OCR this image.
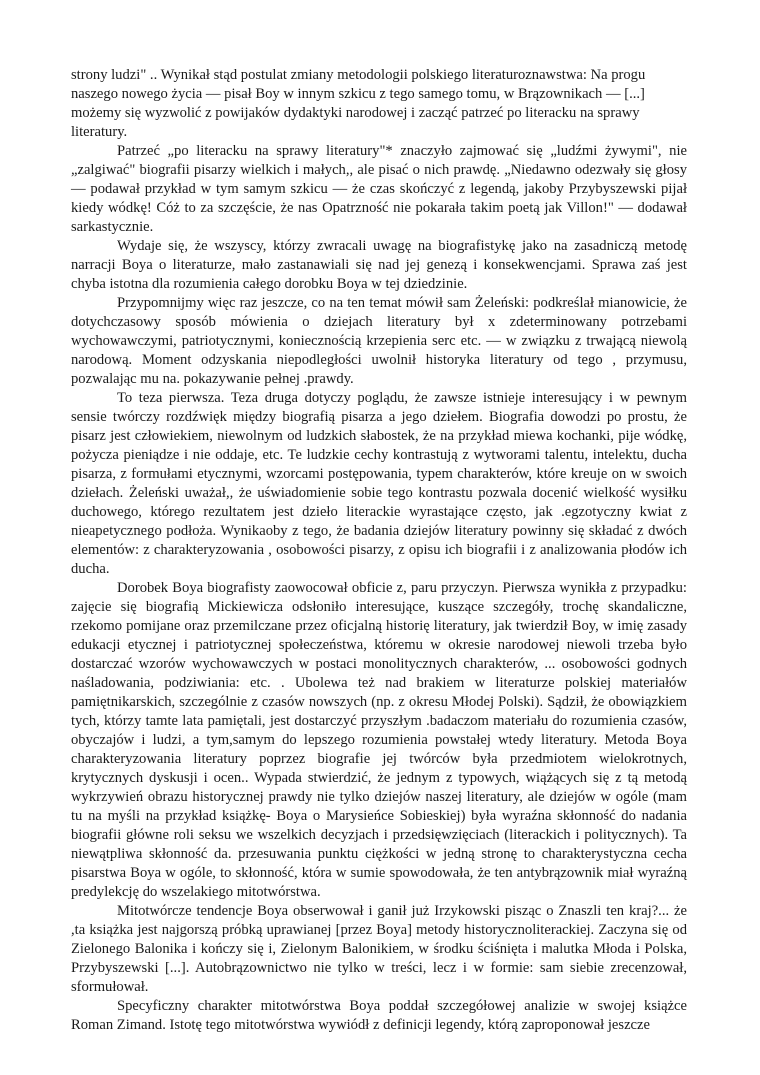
strony ludzi" .. Wynikał stąd postulat zmiany metodologii polskiego literaturoznawstwa: Na progu naszego nowego życia — pisał Boy w innym szkicu z tego samego tomu, w Brązownikach — [...] możemy się wyzwolić z powijaków dydaktyki narodowej i zacząć patrzeć po literacku na sprawy literatury.

Patrzeć „po literacku na sprawy literatury"* znaczyło zajmować się „ludźmi żywymi", nie „zalgiwać" biografii pisarzy wielkich i małych,, ale pisać o nich prawdę. „Niedawno odezwały się głosy — podawał przykład w tym samym szkicu — że czas skończyć z legendą, jakoby Przybyszewski pijał kiedy wódkę! Cóż to za szczęście, że nas Opatrzność nie pokarała takim poetą jak Villon!" — dodawał sarkastycznie.

Wydaje się, że wszyscy, którzy zwracali uwagę na biografistykę jako na zasadniczą metodę narracji Boya o literaturze, mało zastanawiali się nad jej genezą i konsekwencjami. Sprawa zaś jest chyba istotna dla rozumienia całego dorobku Boya w tej dziedzinie.

Przypomnijmy więc raz jeszcze, co na ten temat mówił sam Żeleński: podkreślał mianowicie, że dotychczasowy sposób mówienia o dziejach literatury był x zdeterminowany potrzebami wychowawczymi, patriotycznymi, koniecznością krzepienia serc etc. — w związku z trwającą niewolą narodową. Moment odzyskania niepodległości uwolnił historyka literatury od tego , przymusu, pozwalając mu na. pokazywanie pełnej .prawdy.

To teza pierwsza. Teza druga dotyczy poglądu, że zawsze istnieje interesujący i w pewnym sensie twórczy rozdźwięk między biografią pisarza a jego dziełem. Biografia dowodzi po prostu, że pisarz jest człowiekiem, niewolnym od ludzkich słabostek, że na przykład miewa kochanki, pije wódkę, pożycza pieniądze i nie oddaje, etc. Te ludzkie cechy kontrastują z wytworami talentu, intelektu, ducha pisarza, z formułami etycznymi, wzorcami postępowania, typem charakterów, które kreuje on w swoich dziełach. Żeleński uważał,, że uświadomienie sobie tego kontrastu pozwala docenić wielkość wysiłku duchowego, którego rezultatem jest dzieło literackie wyrastające często, jak .egzotyczny kwiat z nieapetycznego podłoża. Wynikaoby z tego, że badania dziejów literatury powinny się składać z dwóch elementów: z charakteryzowania , osobowości pisarzy, z opisu ich biografii i z analizowania płodów ich ducha.

Dorobek Boya biografisty zaowocował obficie z, paru przyczyn. Pierwsza wynikła z przypadku: zajęcie się biografią Mickiewicza odsłoniło interesujące, kuszące szczegóły, trochę skandaliczne, rzekomo pomijane oraz przemilczane przez oficjalną historię literatury, jak twierdził Boy, w imię zasady edukacji etycznej i patriotycznej społeczeństwa, któremu w okresie narodowej niewoli trzeba było dostarczać wzorów wychowawczych w postaci monolitycznych charakterów, ... osobowości godnych naśladowania, podziwiania: etc. . Ubolewa też nad brakiem w literaturze polskiej materiałów pamiętnikarskich, szczególnie z czasów nowszych (np. z okresu Młodej Polski). Sądził, że obowiązkiem tych, którzy tamte lata pamiętali, jest dostarczyć przyszłym .badaczom materiału do rozumienia czasów, obyczajów i ludzi, a tym,samym do lepszego rozumienia powstałej wtedy literatury. Metoda Boya charakteryzowania literatury poprzez biografie jej twórców była przedmiotem wielokrotnych, krytycznych dyskusji i ocen.. Wypada stwierdzić, że jednym z typowych, wiążących się z tą metodą wykrzywień obrazu historycznej prawdy nie tylko dziejów naszej literatury, ale dziejów w ogóle (mam tu na myśli na przykład książkę- Boya o Marysieńce Sobieskiej) była wyraźna skłonność do nadania biografii główne roli seksu we wszelkich decyzjach i przedsięwzięciach (literackich i politycznych). Ta niewątpliwa skłonność da. przesuwania punktu ciężkości w jedną stronę to charakterystyczna cecha pisarstwa Boya w ogóle, to skłonność, która w sumie spowodowała, że ten antybrązownik miał wyraźną predylekcję do wszelakiego mitotwórstwa.

Mitotwórcze tendencje Boya obserwował i ganił już Irzykowski pisząc o Znaszli ten kraj?... że ,ta książka jest najgorszą próbką uprawianej [przez Boya] metody historycznoliterackiej. Zaczyna się od Zielonego Balonika i kończy się i, Zielonym Balonikiem, w środku ściśnięta i malutka Młoda i Polska, Przybyszewski [...]. Autobrązownictwo nie tylko w treści, lecz i w formie: sam siebie zrecenzował, sformułował.

Specyficzny charakter mitotwórstwa Boya poddał szczegółowej analizie w swojej książce Roman Zimand. Istotę tego mitotwórstwa wywiódł z definicji legendy, którą zaproponował jeszcze
